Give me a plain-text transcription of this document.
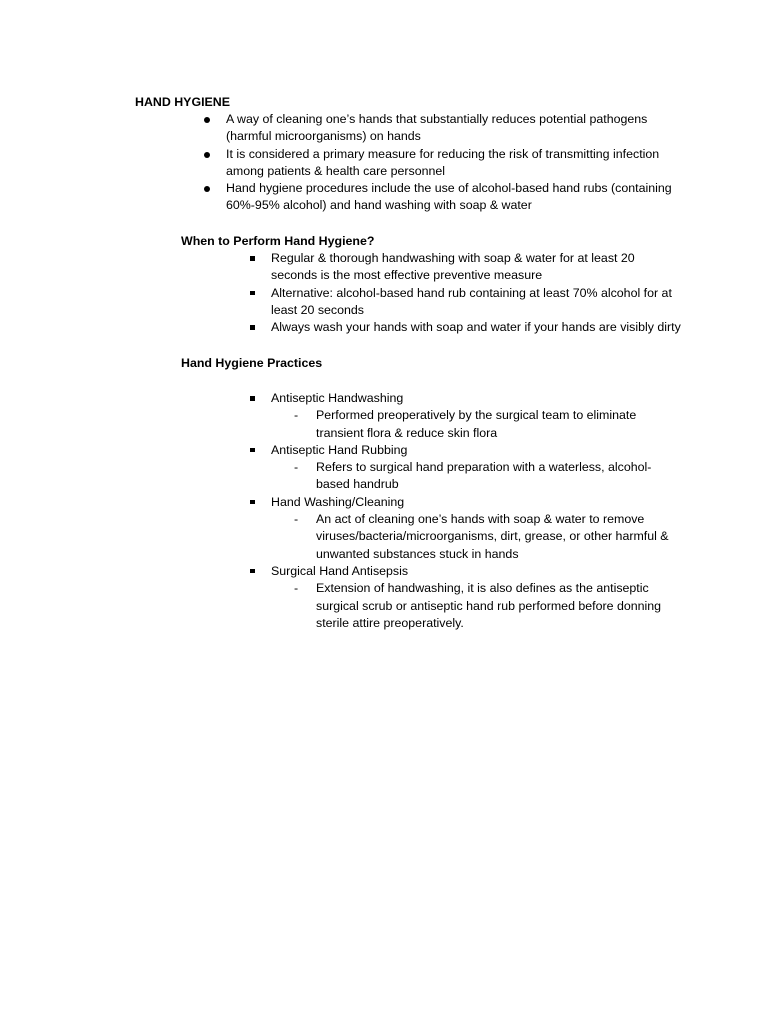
HAND HYGIENE
A way of cleaning one’s hands that substantially reduces potential pathogens (harmful microorganisms) on hands
It is considered a primary measure for reducing the risk of transmitting infection among patients & health care personnel
Hand hygiene procedures include the use of alcohol-based hand rubs (containing 60%-95% alcohol) and hand washing with soap & water
When to Perform Hand Hygiene?
Regular & thorough handwashing with soap & water for at least 20 seconds is the most effective preventive measure
Alternative: alcohol-based hand rub containing at least 70% alcohol for at least 20 seconds
Always wash your hands with soap and water if your hands are visibly dirty
Hand Hygiene Practices
Antiseptic Handwashing
- Performed preoperatively by the surgical team to eliminate transient flora & reduce skin flora
Antiseptic Hand Rubbing
- Refers to surgical hand preparation with a waterless, alcohol-based handrub
Hand Washing/Cleaning
- An act of cleaning one’s hands with soap & water to remove viruses/bacteria/microorganisms, dirt, grease, or other harmful & unwanted substances stuck in hands
Surgical Hand Antisepsis
- Extension of handwashing, it is also defines as the antiseptic surgical scrub or antiseptic hand rub performed before donning sterile attire preoperatively.
